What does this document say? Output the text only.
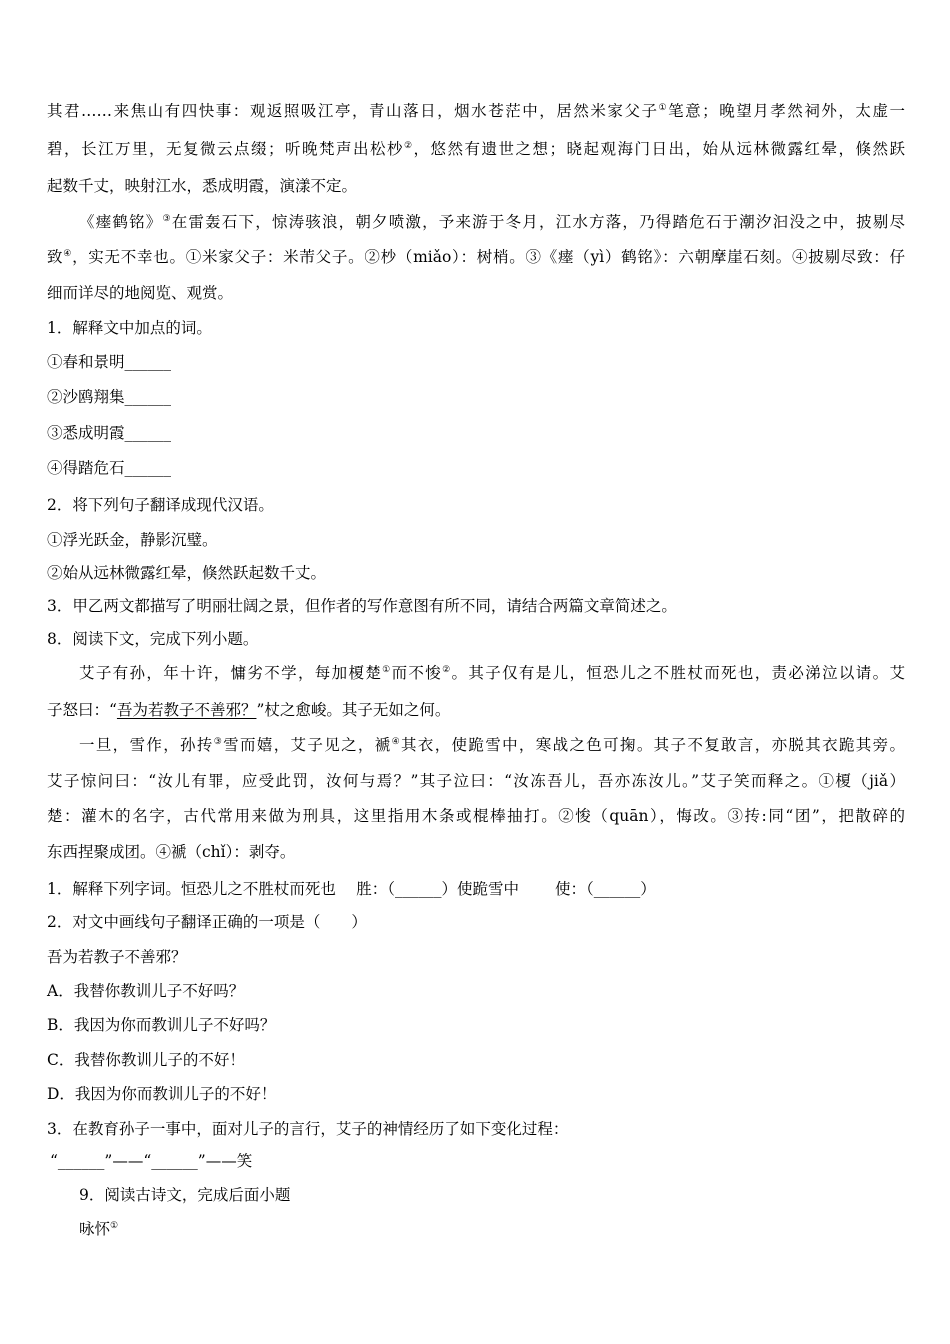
其君……来焦山有四快事：观返照吸江亭，青山落日，烟水苍茫中，居然米家父子①笔意；晚望月孝然祠外，太虚一
碧，长江万里，无复微云点缀；听晚梵声出松杪②，悠然有遗世之想；晓起观海门日出，始从远林微露红晕，倏然跃
起数千丈，映射江水，悉成明霞，演漾不定。
《瘗鹤铭》③在雷轰石下，惊涛骇浪，朝夕喷激，予来游于冬月，江水方落，乃得踏危石于潮汐汩没之中，披剔尽
致④，实无不幸也。①米家父子：米芾父子。②杪（miǎo）：树梢。③《瘗（yì）鹤铭》：六朝摩崖石刻。④披剔尽致：仔
细而详尽的地阅览、观赏。
1．解释文中加点的词。
①春和景明______
②沙鸥翔集______
③悉成明霞______
④得踏危石______
2．将下列句子翻译成现代汉语。
①浮光跃金，静影沉璧。
②始从远林微露红晕，倏然跃起数千丈。
3．甲乙两文都描写了明丽壮阔之景，但作者的写作意图有所不同，请结合两篇文章简述之。
8．阅读下文，完成下列小题。
艾子有孙，年十许，慵劣不学，每加榎楚①而不悛②。其子仅有是儿，恒恐儿之不胜杖而死也，责必涕泣以请。艾
子怒曰：“吾为若教子不善邪？”杖之愈峻。其子无如之何。
一旦，雪作，孙抟③雪而嬉，艾子见之，褫④其衣，使跪雪中，寒战之色可掬。其子不复敢言，亦脱其衣跪其旁。
艾子惊问曰：“汝儿有罪，应受此罚，汝何与焉？”其子泣曰：“汝冻吾儿，吾亦冻汝儿。”艾子笑而释之。①榎（jiǎ）
楚：灌木的名字，古代常用来做为刑具，这里指用木条或棍棒抽打。②悛（quān），悔改。③抟:同“团”，把散碎的
东西捏聚成团。④褫（chǐ）：剥夺。
1．解释下列字词。恒恐儿之不胜杖而死也　 胜：（______）使跪雪中　　 使：（______）
2．对文中画线句子翻译正确的一项是（　　）
吾为若教子不善邪？
A．我替你教训儿子不好吗？
B．我因为你而教训儿子不好吗？
C．我替你教训儿子的不好！
D．我因为你而教训儿子的不好！
3．在教育孙子一事中，面对儿子的言行，艾子的神情经历了如下变化过程：
“______”——“______”——笑
9．阅读古诗文，完成后面小题
咏怀①
